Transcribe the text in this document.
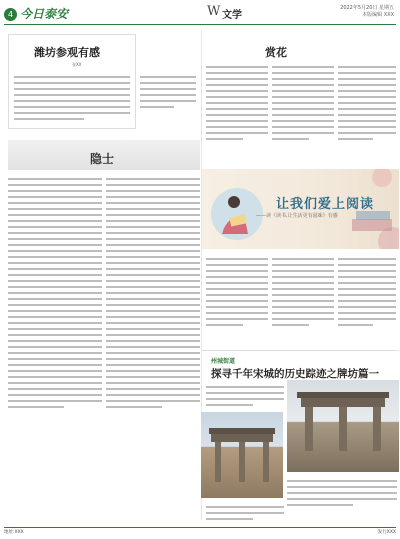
4 今日泰安	W 文学
2022年5月20日 星期五
本版编辑 XXX
潍坊参观有感
张XX
隐士
赏花
让我们爱上阅读
——读《读书,让生活更有滋味》有感
州城街道
探寻千年宋城的历史踪迹之牌坊篇一
地址:XXX	发行XXX
